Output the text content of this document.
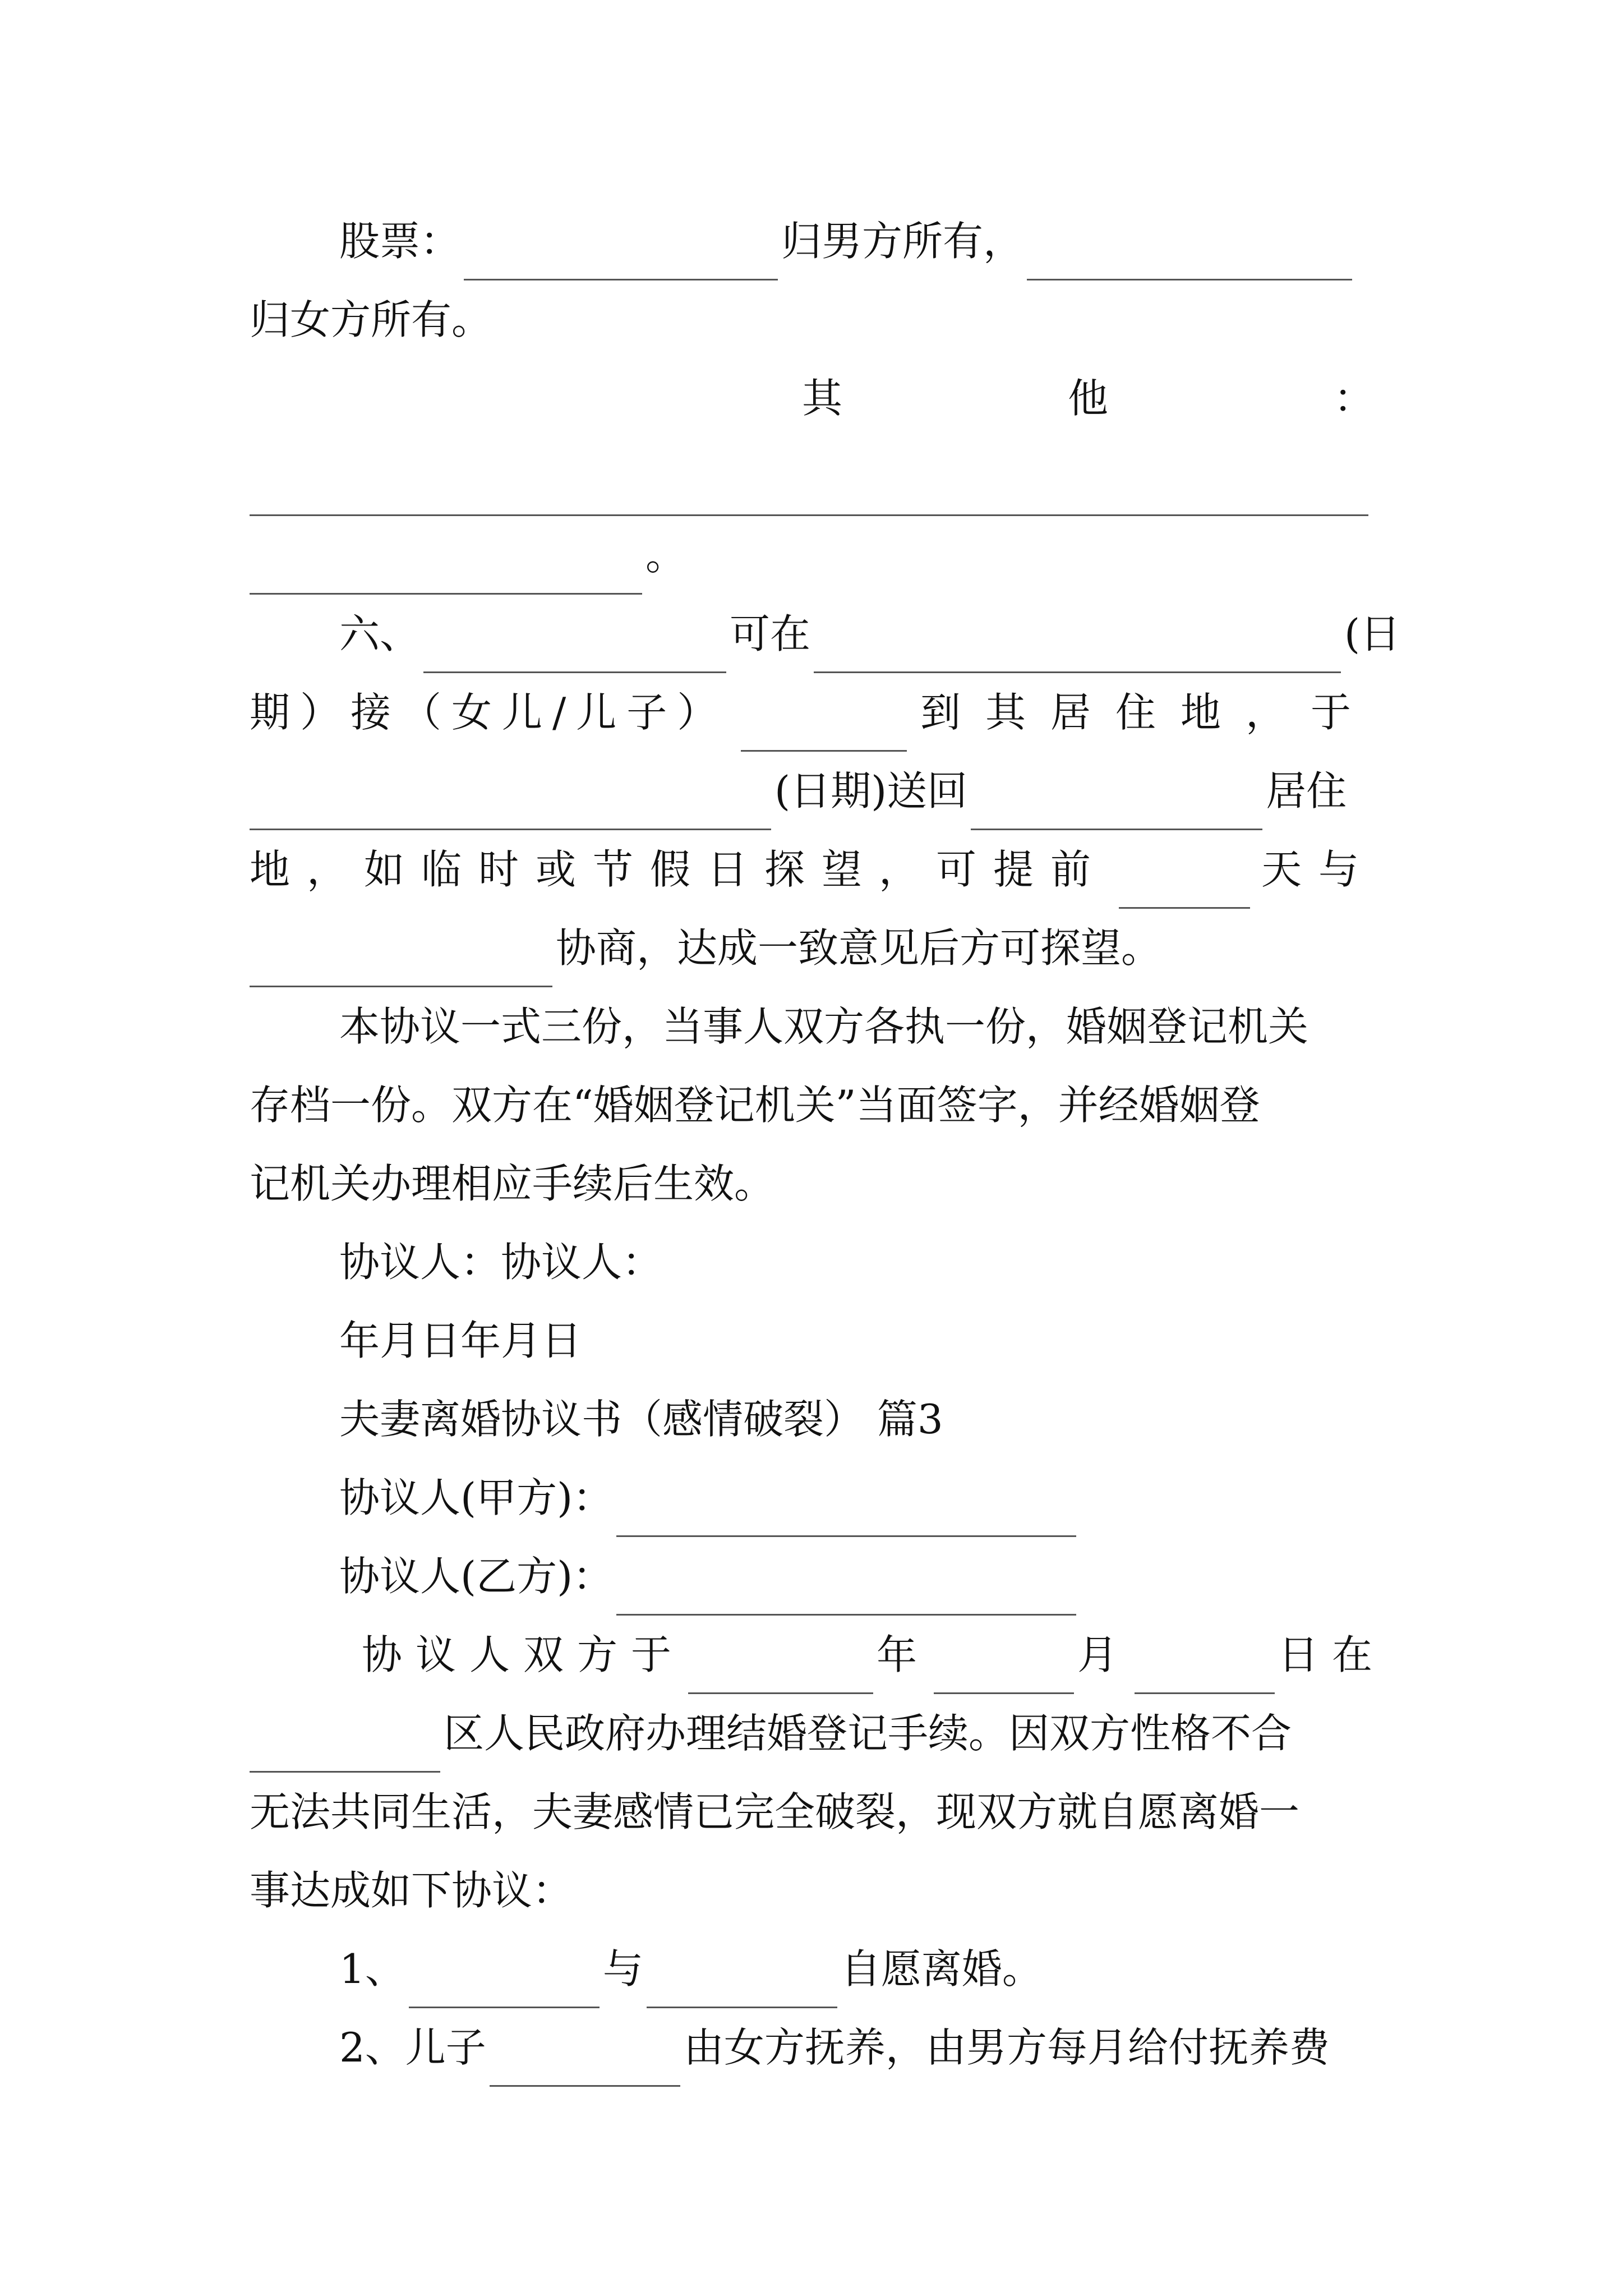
股票：	归男方所有，
归女方所有。
其	他	：
。
六、	可在	(日
期）接（女儿/儿子）	到其居住地，于
(日期)送回	居住
地，如临时或节假日探望，可提前	天与
协商，达成一致意见后方可探望。
本协议一式三份，当事人双方各执一份，婚姻登记机关
存档一份。双方在“婚姻登记机关”当面签字，并经婚姻登
记机关办理相应手续后生效。
协议人：协议人：
年月日年月日
夫妻离婚协议书（感情破裂） 篇3
协议人(甲方)：
协议人(乙方)：
协议人双方于	年	月	日在
区人民政府办理结婚登记手续。因双方性格不合
无法共同生活，夫妻感情已完全破裂，现双方就自愿离婚一
事达成如下协议：
1、	与	自愿离婚。
2、儿子	由女方抚养，由男方每月给付抚养费
